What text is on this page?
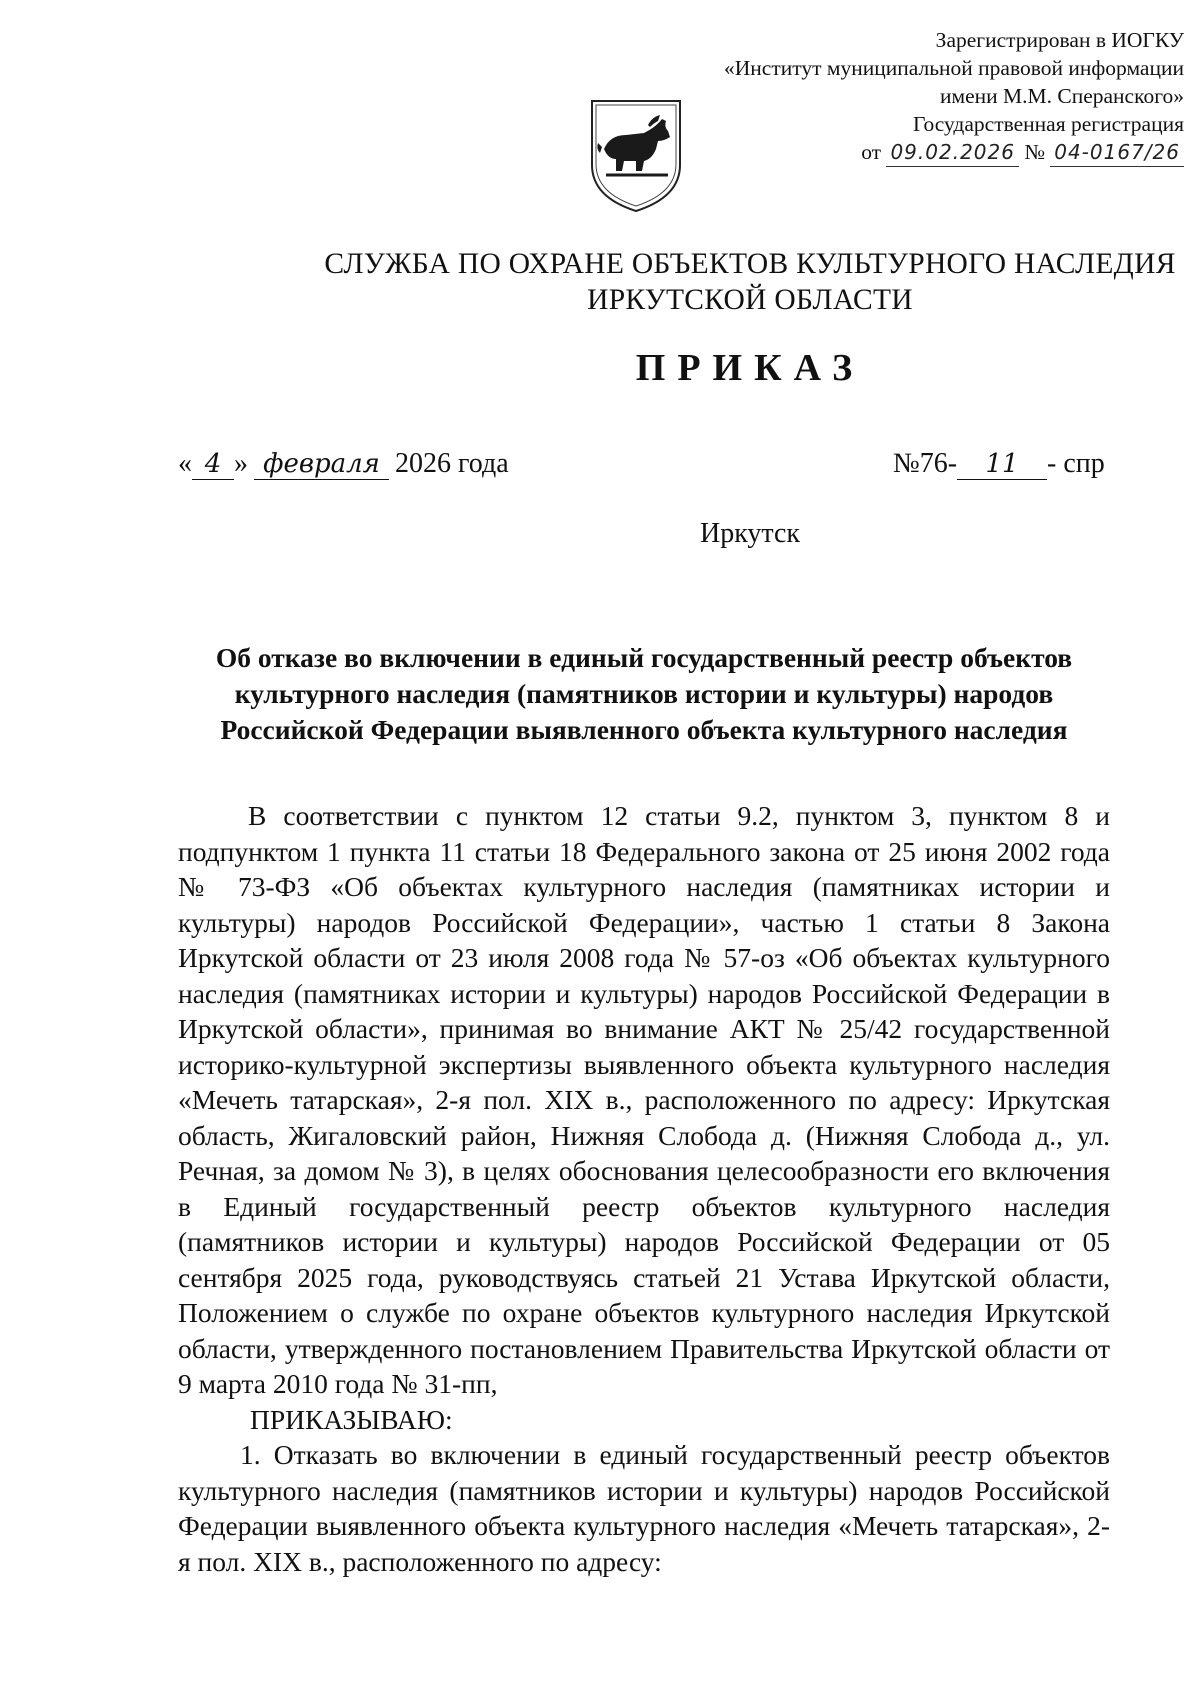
Зарегистрирован в ИОГКУ
«Институт муниципальной правовой информации
имени М.М. Сперанского»
Государственная регистрация
от 09.02.2026 № 04-0167/26
СЛУЖБА ПО ОХРАНЕ ОБЪЕКТОВ КУЛЬТУРНОГО НАСЛЕДИЯ
ИРКУТСКОЙ ОБЛАСТИ
ПРИКАЗ
« 4 » февраля 2026 года	№76- 11 - спр
Иркутск
Об отказе во включении в единый государственный реестр объектов
культурного наследия (памятников истории и культуры) народов
Российской Федерации выявленного объекта культурного наследия

В соответствии с пунктом 12 статьи 9.2, пунктом 3, пунктом 8 и подпунктом 1 пункта 11 статьи 18 Федерального закона от 25 июня 2002 года № 73-ФЗ «Об объектах культурного наследия (памятниках истории и культуры) народов Российской Федерации», частью 1 статьи 8 Закона Иркутской области от 23 июля 2008 года № 57-оз «Об объектах культурного наследия (памятниках истории и культуры) народов Российской Федерации в Иркутской области», принимая во внимание АКТ № 25/42 государственной историко-культурной экспертизы выявленного объекта культурного наследия «Мечеть татарская», 2-я пол. XIX в., расположенного по адресу: Иркутская область, Жигаловский район, Нижняя Слобода д. (Нижняя Слобода д., ул. Речная, за домом № 3), в целях обоснования целесообразности его включения в Единый государственный реестр объектов культурного наследия (памятников истории и культуры) народов Российской Федерации от 05 сентября 2025 года, руководствуясь статьей 21 Устава Иркутской области, Положением о службе по охране объектов культурного наследия Иркутской области, утвержденного постановлением Правительства Иркутской области от 9 марта 2010 года № 31-пп,

ПРИКАЗЫВАЮ:

1. Отказать во включении в единый государственный реестр объектов культурного наследия (памятников истории и культуры) народов Российской Федерации выявленного объекта культурного наследия «Мечеть татарская», 2-я пол. XIX в., расположенного по адресу:
